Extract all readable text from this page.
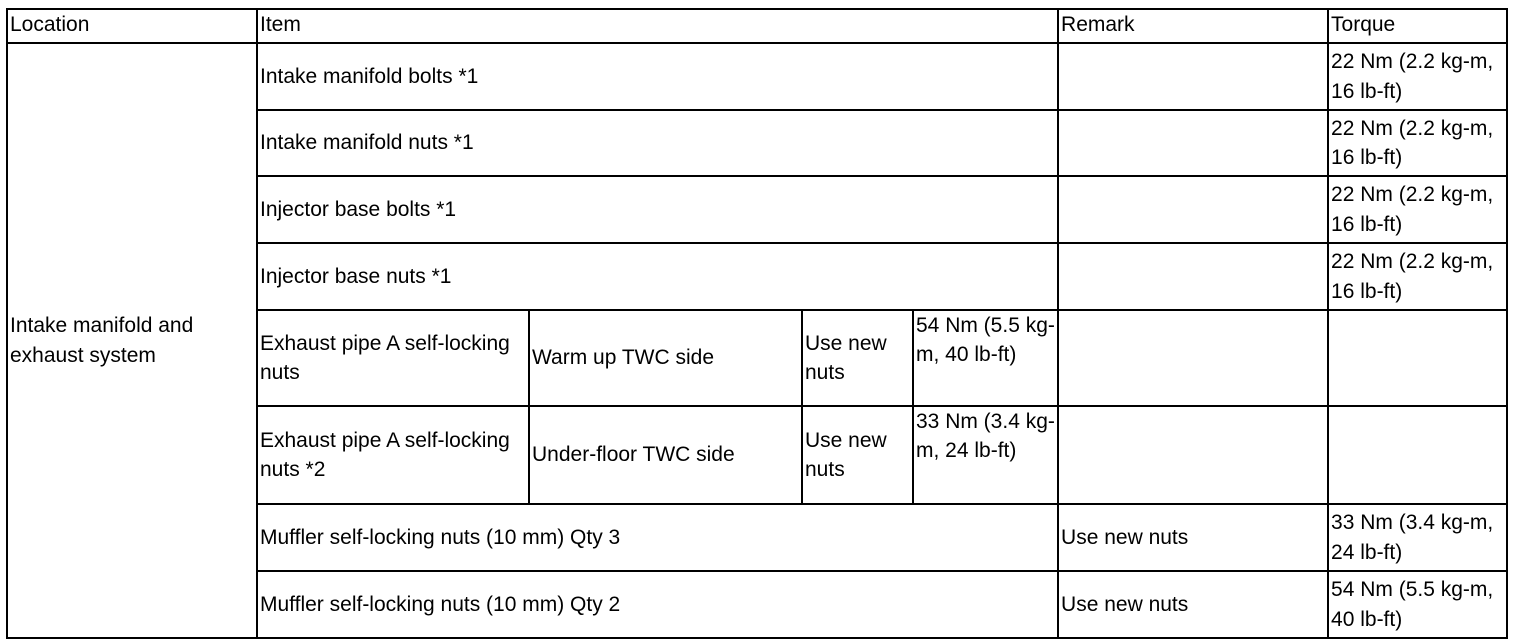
Location	Item				Remark	Torque
Intake manifold and exhaust system	Intake manifold bolts *1					22 Nm (2.2 kg-m, 16 lb-ft)
	Intake manifold nuts *1					22 Nm (2.2 kg-m, 16 lb-ft)
	Injector base bolts *1					22 Nm (2.2 kg-m, 16 lb-ft)
	Injector base nuts *1					22 Nm (2.2 kg-m, 16 lb-ft)
	Exhaust pipe A self-locking nuts	Warm up TWC side	Use new nuts	54 Nm (5.5 kg-m, 40 lb-ft)		
	Exhaust pipe A self-locking nuts *2	Under-floor TWC side	Use new nuts	33 Nm (3.4 kg-m, 24 lb-ft)		
	Muffler self-locking nuts (10 mm) Qty 3				Use new nuts	33 Nm (3.4 kg-m, 24 lb-ft)
	Muffler self-locking nuts (10 mm) Qty 2				Use new nuts	54 Nm (5.5 kg-m, 40 lb-ft)
